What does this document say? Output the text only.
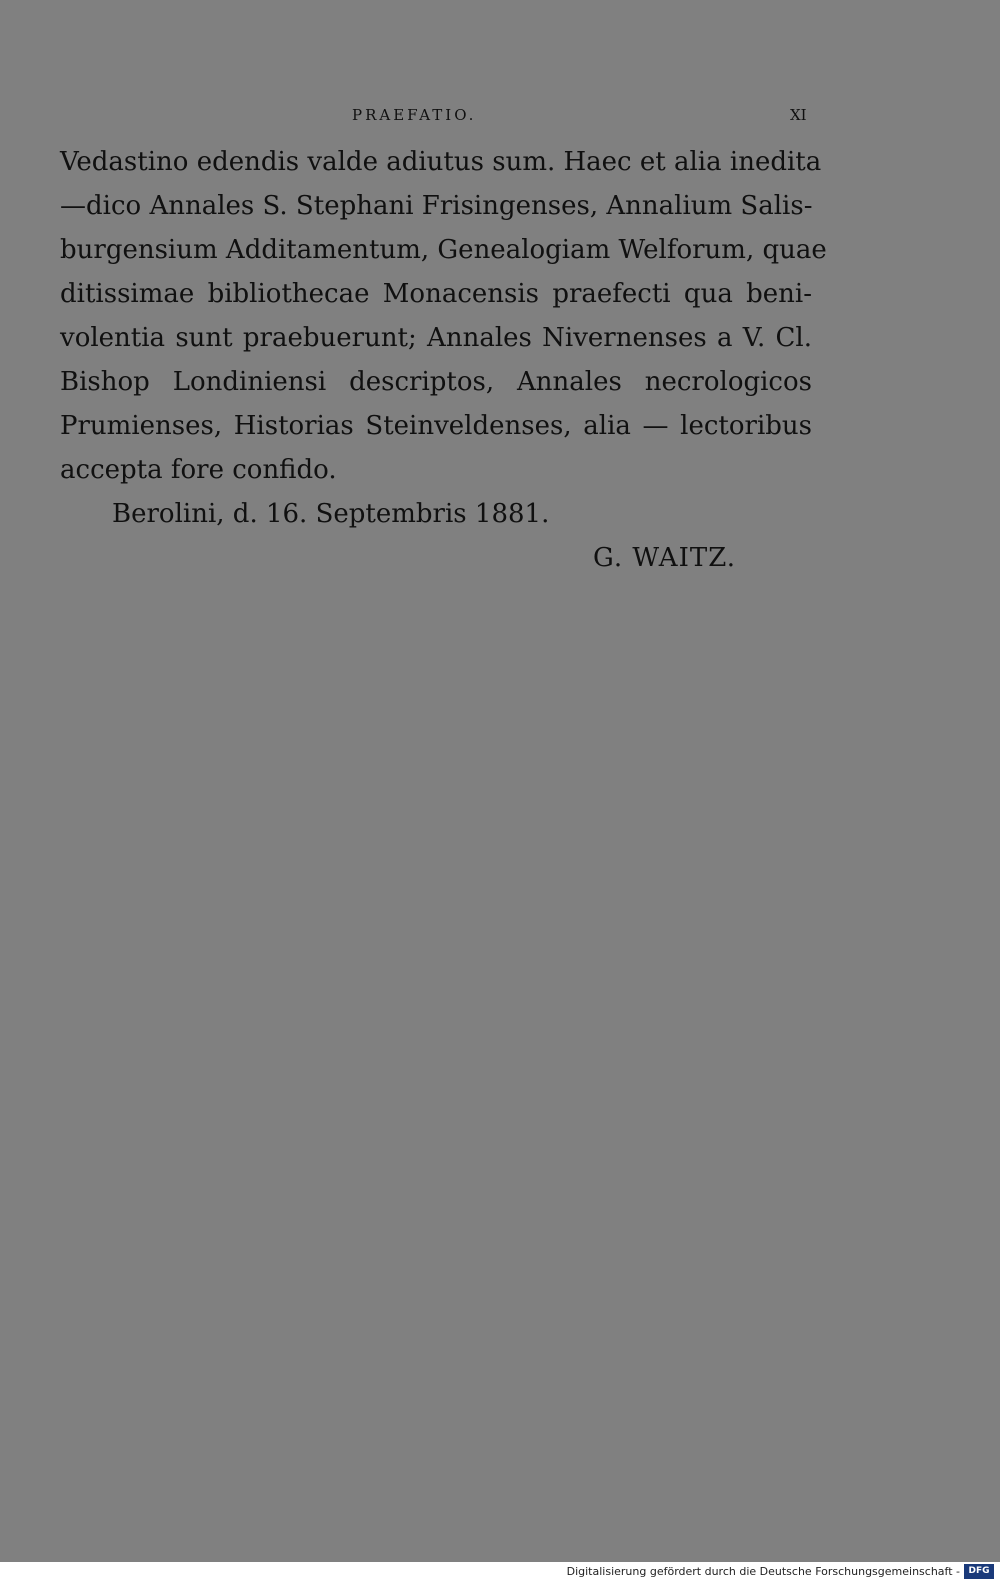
PRAEFATIO.	XI
Vedastino edendis valde adiutus sum. Haec et alia inedita
—dico Annales S. Stephani Frisingenses, Annalium Salis-
burgensium Additamentum, Genealogiam Welforum, quae
ditissimae bibliothecae Monacensis praefecti qua beni-
volentia sunt praebuerunt; Annales Nivernenses a V. Cl.
Bishop Londiniensi descriptos, Annales necrologicos
Prumienses, Historias Steinveldenses, alia — lectoribus
accepta fore confido.
Berolini, d. 16. Septembris 1881.
G. WAITZ.
Digitalisierung gefördert durch die Deutsche Forschungsgemeinschaft - DFG
